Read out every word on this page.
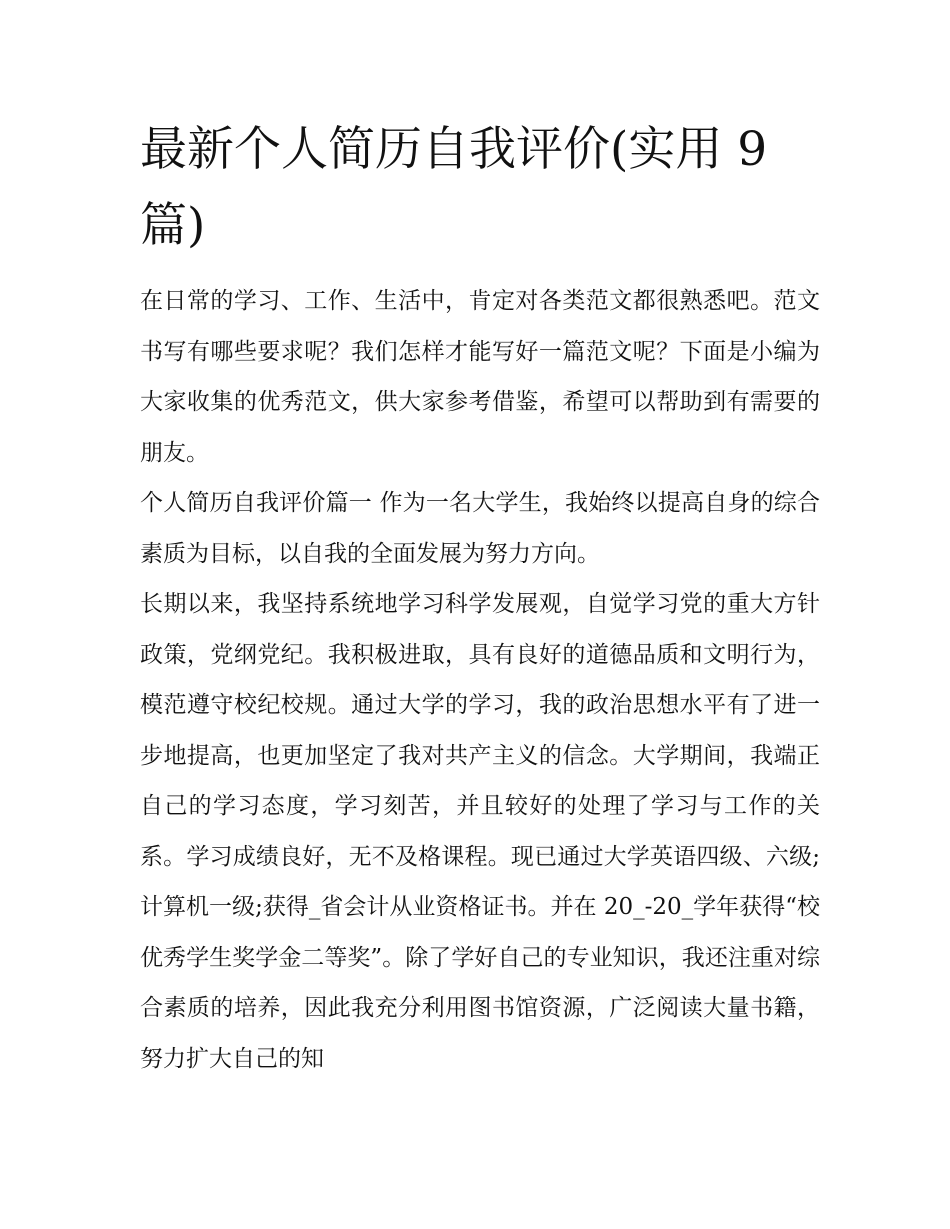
最新个人简历自我评价(实用 9 篇)

在日常的学习、工作、生活中，肯定对各类范文都很熟悉吧。范文书写有哪些要求呢？我们怎样才能写好一篇范文呢？下面是小编为大家收集的优秀范文，供大家参考借鉴，希望可以帮助到有需要的朋友。

个人简历自我评价篇一 作为一名大学生，我始终以提高自身的综合素质为目标，以自我的全面发展为努力方向。

长期以来，我坚持系统地学习科学发展观，自觉学习党的重大方针政策，党纲党纪。我积极进取，具有良好的道德品质和文明行为，模范遵守校纪校规。通过大学的学习，我的政治思想水平有了进一步地提高，也更加坚定了我对共产主义的信念。大学期间，我端正自己的学习态度，学习刻苦，并且较好的处理了学习与工作的关系。学习成绩良好，无不及格课程。现已通过大学英语四级、六级;计算机一级;获得_省会计从业资格证书。并在 20_-20_学年获得“校优秀学生奖学金二等奖”。除了学好自己的专业知识，我还注重对综合素质的培养，因此我充分利用图书馆资源，广泛阅读大量书籍，努力扩大自己的知
